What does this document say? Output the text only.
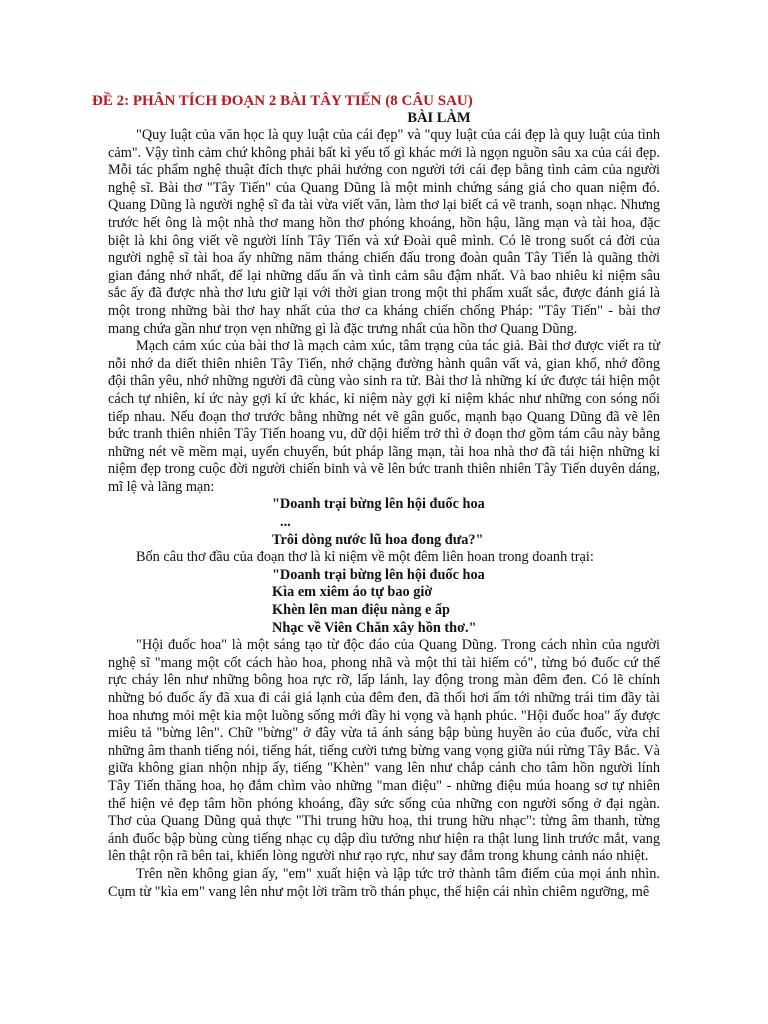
ĐỀ 2: PHÂN TÍCH ĐOẠN 2 BÀI TÂY TIẾN (8 CÂU SAU)
BÀI LÀM

"Quy luật của văn học là quy luật của cái đẹp" và "quy luật của cái đẹp là quy luật của tình cảm". Vậy tình cảm chứ không phải bất kì yếu tố gì khác mới là ngọn nguồn sâu xa của cái đẹp. Mỗi tác phẩm nghệ thuật đích thực phải hướng con người tới cái đẹp bằng tình cảm của người nghệ sĩ. Bài thơ "Tây Tiến" của Quang Dũng là một minh chứng sáng giá cho quan niệm đó. Quang Dũng là người nghệ sĩ đa tài vừa viết văn, làm thơ lại biết cả vẽ tranh, soạn nhạc. Nhưng trước hết ông là một nhà thơ mang hồn thơ phóng khoáng, hồn hậu, lãng mạn và tài hoa, đặc biệt là khi ông viết về người lính Tây Tiến và xứ Đoài quê mình. Có lẽ trong suốt cả đời của người nghệ sĩ tài hoa ấy những năm tháng chiến đấu trong đoàn quân Tây Tiến là quãng thời gian đáng nhớ nhất, để lại những dấu ấn và tình cảm sâu đậm nhất. Và bao nhiêu kỉ niệm sâu sắc ấy đã được nhà thơ lưu giữ lại với thời gian trong một thi phẩm xuất sắc, được đánh giá là một trong những bài thơ hay nhất của thơ ca kháng chiến chống Pháp: "Tây Tiến" - bài thơ mang chứa gần như trọn vẹn những gì là đặc trưng nhất của hồn thơ Quang Dũng.

Mạch cảm xúc của bài thơ là mạch cảm xúc, tâm trạng của tác giả. Bài thơ được viết ra từ nỗi nhớ da diết thiên nhiên Tây Tiến, nhớ chặng đường hành quân vất vả, gian khổ, nhớ đồng đội thân yêu, nhớ những người đã cùng vào sinh ra tử. Bài thơ là những kí ức được tái hiện một cách tự nhiên, kí ức này gợi kí ức khác, kỉ niệm này gợi kỉ niệm khác như những con sóng nối tiếp nhau. Nếu đoạn thơ trước bằng những nét vẽ gân guốc, mạnh bạo Quang Dũng đã vẽ lên bức tranh thiên nhiên Tây Tiến hoang vu, dữ dội hiểm trở thì ở đoạn thơ gồm tám câu này bằng những nét vẽ mềm mại, uyển chuyển, bút pháp lãng mạn, tài hoa nhà thơ đã tái hiện những kỉ niệm đẹp trong cuộc đời người chiến binh và vẽ lên bức tranh thiên nhiên Tây Tiến duyên dáng, mĩ lệ và lãng mạn:

"Doanh trại bừng lên hội đuốc hoa
...
Trôi dòng nước lũ hoa đong đưa?"

Bốn câu thơ đầu của đoạn thơ là kỉ niệm về một đêm liên hoan trong doanh trại:

"Doanh trại bừng lên hội đuốc hoa
Kìa em xiêm áo tự bao giờ
Khèn lên man điệu nàng e ấp
Nhạc về Viên Chăn xây hồn thơ."

"Hội đuốc hoa" là một sáng tạo từ độc đáo của Quang Dũng. Trong cách nhìn của người nghệ sĩ "mang một cốt cách hào hoa, phong nhã và một thi tài hiếm có", từng bó đuốc cứ thế rực cháy lên như những bông hoa rực rỡ, lấp lánh, lay động trong màn đêm đen. Có lẽ chính những bó đuốc ấy đã xua đi cái giá lạnh của đêm đen, đã thổi hơi ấm tới những trái tim đầy tài hoa nhưng mỏi mệt kia một luồng sống mới đầy hi vọng và hạnh phúc. "Hội đuốc hoa" ấy được miêu tả "bừng lên". Chữ "bừng" ở đây vừa tả ánh sáng bập bùng huyền ảo của đuốc, vừa chỉ những âm thanh tiếng nói, tiếng hát, tiếng cười tưng bừng vang vọng giữa núi rừng Tây Bắc. Và giữa không gian nhộn nhịp ấy, tiếng "Khèn" vang lên như chắp cánh cho tâm hồn người lính Tây Tiến thăng hoa, họ đắm chìm vào những "man điệu" - những điệu múa hoang sơ tự nhiên thể hiện vẻ đẹp tâm hồn phóng khoáng, đầy sức sống của những con người sống ở đại ngàn. Thơ của Quang Dũng quả thực "Thi trung hữu hoạ, thi trung hữu nhạc": từng âm thanh, từng ánh đuốc bập bùng cùng tiếng nhạc cụ dập dìu tưởng như hiện ra thật lung linh trước mắt, vang lên thật rộn rã bên tai, khiến lòng người như rạo rực, như say đắm trong khung cảnh náo nhiệt.

Trên nền không gian ấy, "em" xuất hiện và lập tức trở thành tâm điểm của mọi ánh nhìn. Cụm từ "kìa em" vang lên như một lời trầm trồ thán phục, thể hiện cái nhìn chiêm ngưỡng, mê
